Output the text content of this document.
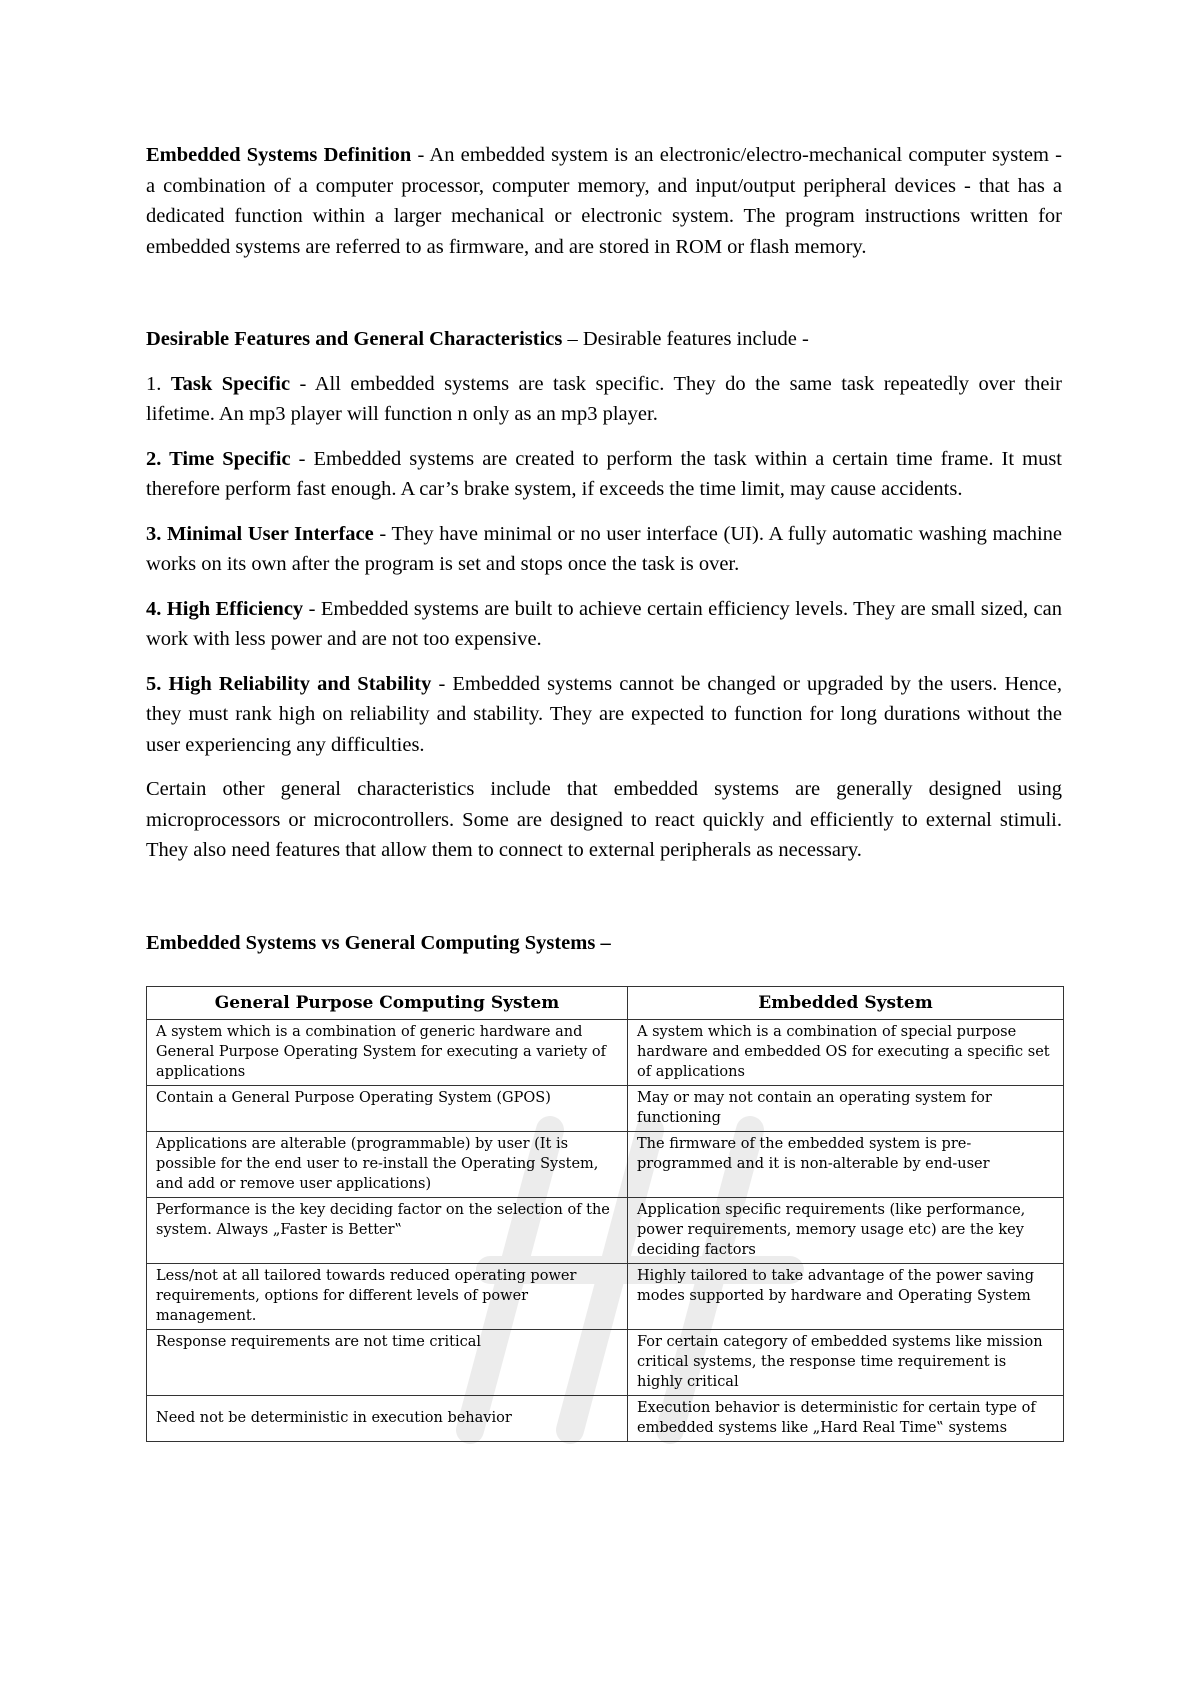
Embedded Systems Definition - An embedded system is an electronic/electro-mechanical computer system - a combination of a computer processor, computer memory, and input/output peripheral devices - that has a dedicated function within a larger mechanical or electronic system. The program instructions written for embedded systems are referred to as firmware, and are stored in ROM or flash memory.

Desirable Features and General Characteristics – Desirable features include -

1. Task Specific - All embedded systems are task specific. They do the same task repeatedly over their lifetime. An mp3 player will function n only as an mp3 player.

2. Time Specific - Embedded systems are created to perform the task within a certain time frame. It must therefore perform fast enough. A car’s brake system, if exceeds the time limit, may cause accidents.

3. Minimal User Interface - They have minimal or no user interface (UI). A fully automatic washing machine works on its own after the program is set and stops once the task is over.

4. High Efficiency - Embedded systems are built to achieve certain efficiency levels. They are small sized, can work with less power and are not too expensive.

5. High Reliability and Stability - Embedded systems cannot be changed or upgraded by the users. Hence, they must rank high on reliability and stability. They are expected to function for long durations without the user experiencing any difficulties.

Certain other general characteristics include that embedded systems are generally designed using microprocessors or microcontrollers. Some are designed to react quickly and efficiently to external stimuli. They also need features that allow them to connect to external peripherals as necessary.

Embedded Systems vs General Computing Systems –

General Purpose Computing System	Embedded System
A system which is a combination of generic hardware and General Purpose Operating System for executing a variety of applications	A system which is a combination of special purpose hardware and embedded OS for executing a specific set of applications
Contain a General Purpose Operating System (GPOS)	May or may not contain an operating system for functioning
Applications are alterable (programmable) by user (It is possible for the end user to re-install the Operating System, and add or remove user applications)	The firmware of the embedded system is pre-programmed and it is non-alterable by end-user
Performance is the key deciding factor on the selection of the system. Always „Faster is Better‟	Application specific requirements (like performance, power requirements, memory usage etc) are the key deciding factors
Less/not at all tailored towards reduced operating power requirements, options for different levels of power management.	Highly tailored to take advantage of the power saving modes supported by hardware and Operating System
Response requirements are not time critical	For certain category of embedded systems like mission critical systems, the response time requirement is highly critical
Need not be deterministic in execution behavior	Execution behavior is deterministic for certain type of embedded systems like „Hard Real Time‟ systems
